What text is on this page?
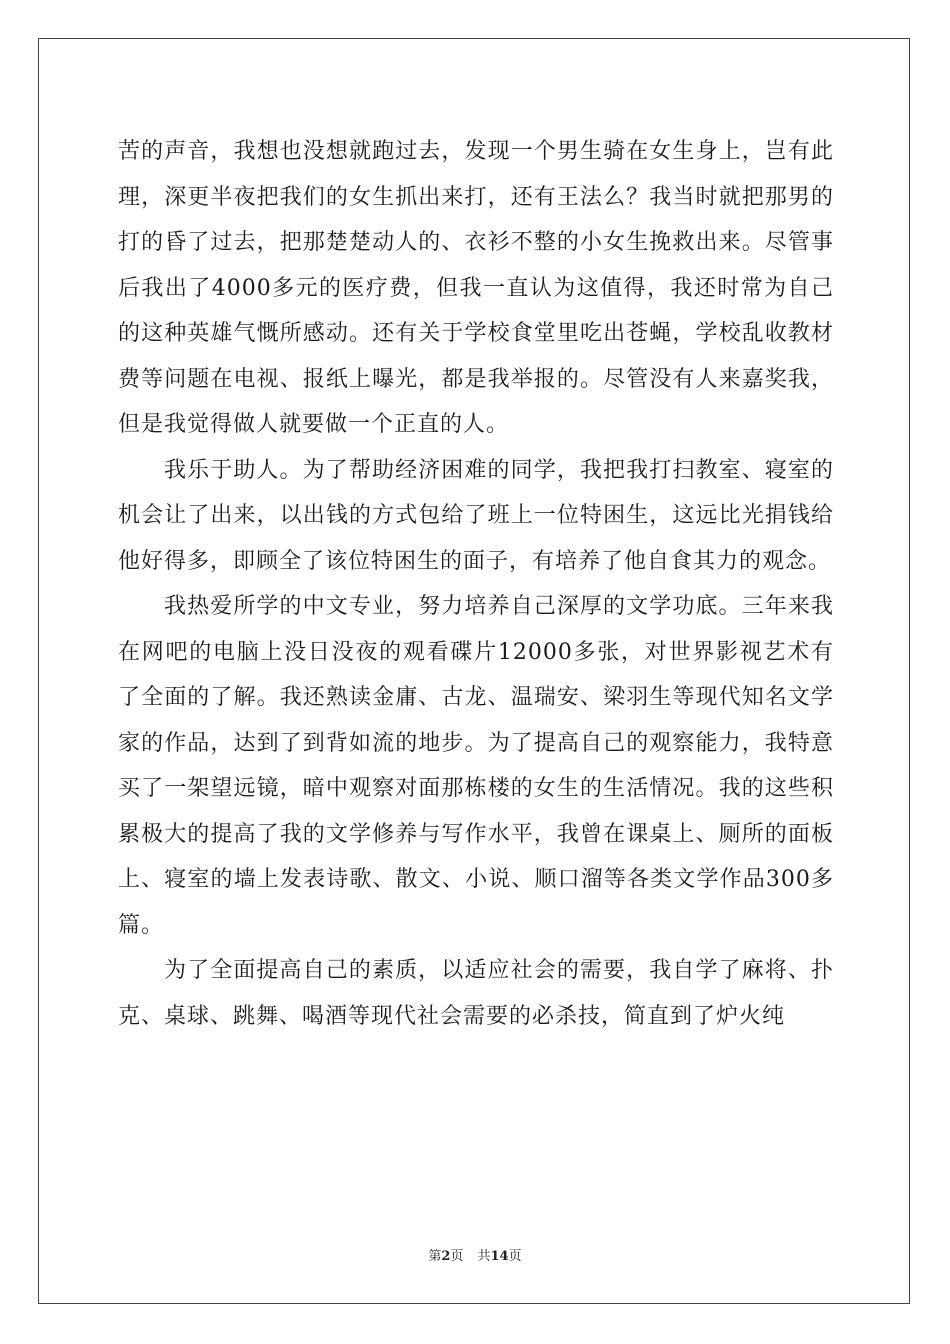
苦的声音，我想也没想就跑过去，发现一个男生骑在女生身上，岂有此理，深更半夜把我们的女生抓出来打，还有王法么？我当时就把那男的打的昏了过去，把那楚楚动人的、衣衫不整的小女生挽救出来。尽管事后我出了4000多元的医疗费，但我一直认为这值得，我还时常为自己的这种英雄气慨所感动。还有关于学校食堂里吃出苍蝇，学校乱收教材费等问题在电视、报纸上曝光，都是我举报的。尽管没有人来嘉奖我，但是我觉得做人就要做一个正直的人。

我乐于助人。为了帮助经济困难的同学，我把我打扫教室、寝室的机会让了出来，以出钱的方式包给了班上一位特困生，这远比光捐钱给他好得多，即顾全了该位特困生的面子，有培养了他自食其力的观念。

我热爱所学的中文专业，努力培养自己深厚的文学功底。三年来我在网吧的电脑上没日没夜的观看碟片12000多张，对世界影视艺术有了全面的了解。我还熟读金庸、古龙、温瑞安、梁羽生等现代知名文学家的作品，达到了到背如流的地步。为了提高自己的观察能力，我特意买了一架望远镜，暗中观察对面那栋楼的女生的生活情况。我的这些积累极大的提高了我的文学修养与写作水平，我曾在课桌上、厕所的面板上、寝室的墙上发表诗歌、散文、小说、顺口溜等各类文学作品300多篇。

为了全面提高自己的素质，以适应社会的需要，我自学了麻将、扑克、桌球、跳舞、喝酒等现代社会需要的必杀技，简直到了炉火纯

第2页 共14页
